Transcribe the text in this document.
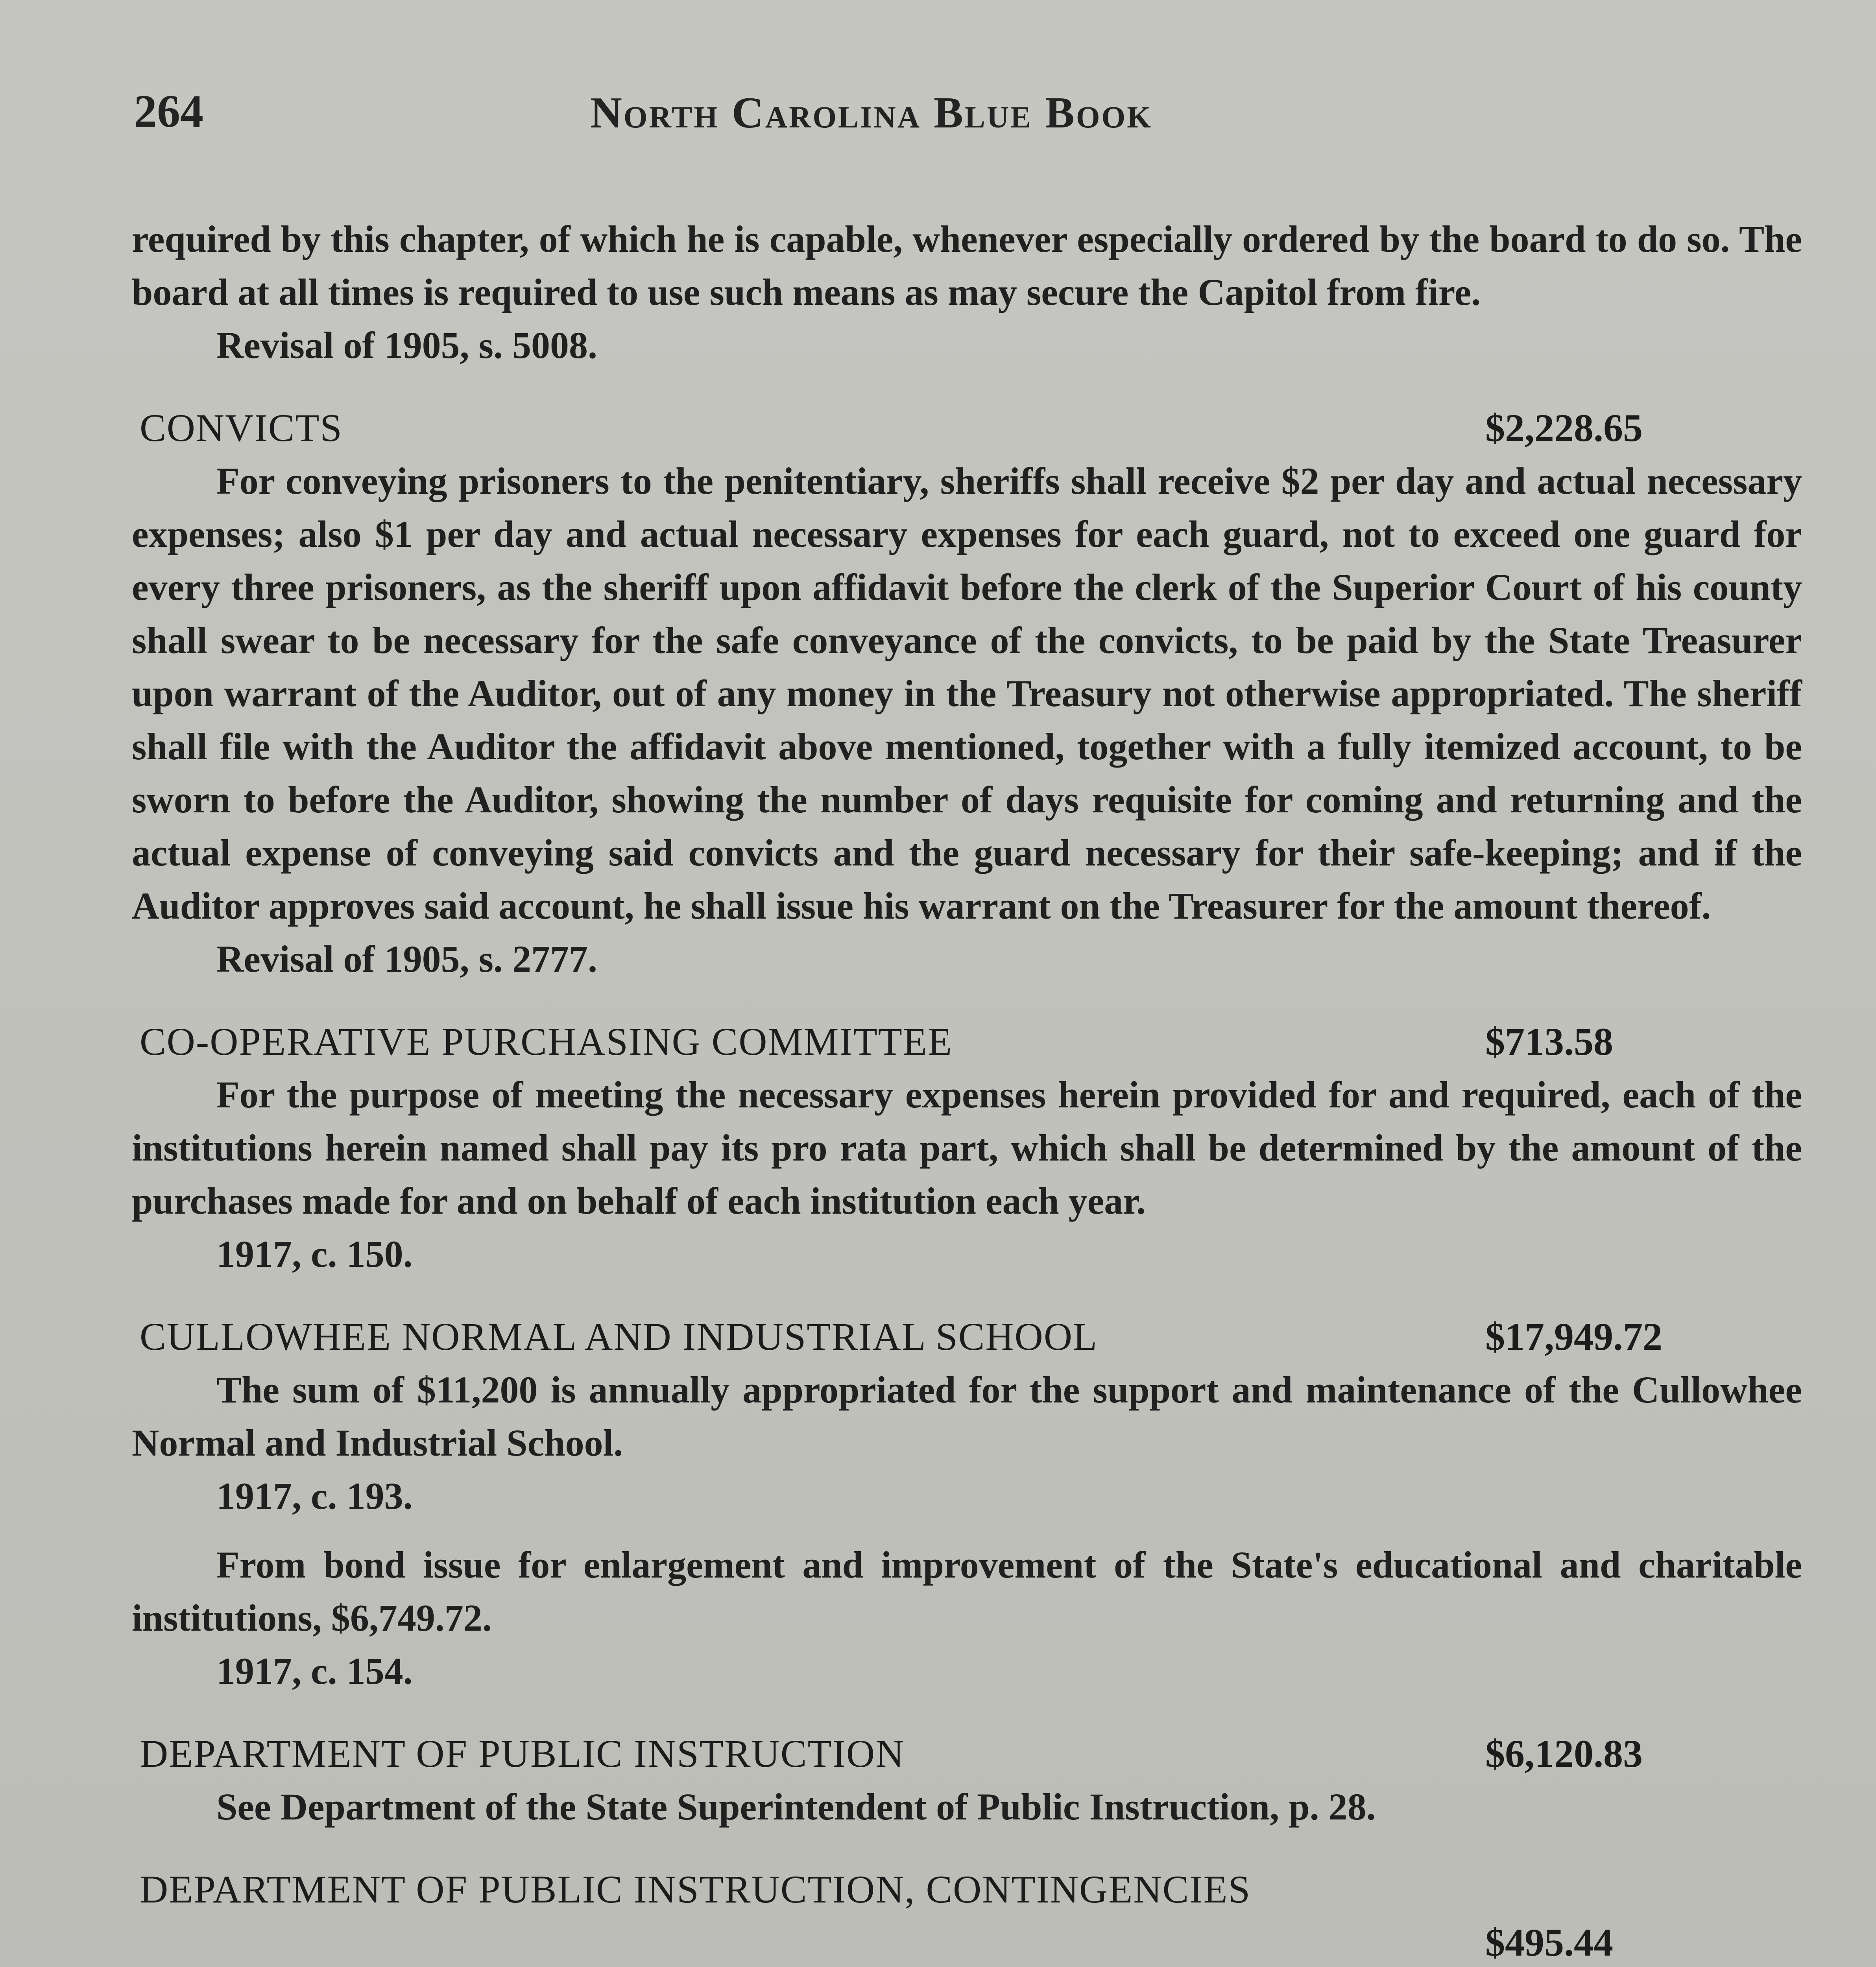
264	North Carolina Blue Book

required by this chapter, of which he is capable, whenever especially ordered by the board to do so. The board at all times is required to use such means as may secure the Capitol from fire.

Revisal of 1905, s. 5008.

CONVICTS	$2,228.65

For conveying prisoners to the penitentiary, sheriffs shall receive $2 per day and actual necessary expenses; also $1 per day and actual necessary expenses for each guard, not to exceed one guard for every three prisoners, as the sheriff upon affidavit before the clerk of the Superior Court of his county shall swear to be necessary for the safe conveyance of the convicts, to be paid by the State Treasurer upon warrant of the Auditor, out of any money in the Treasury not otherwise appropriated. The sheriff shall file with the Auditor the affidavit above mentioned, together with a fully itemized account, to be sworn to before the Auditor, showing the number of days requisite for coming and returning and the actual expense of conveying said convicts and the guard necessary for their safe-keeping; and if the Auditor approves said account, he shall issue his warrant on the Treasurer for the amount thereof.

Revisal of 1905, s. 2777.

CO-OPERATIVE PURCHASING COMMITTEE	$713.58

For the purpose of meeting the necessary expenses herein provided for and required, each of the institutions herein named shall pay its pro rata part, which shall be determined by the amount of the purchases made for and on behalf of each institution each year.

1917, c. 150.

CULLOWHEE NORMAL AND INDUSTRIAL SCHOOL	$17,949.72

The sum of $11,200 is annually appropriated for the support and maintenance of the Cullowhee Normal and Industrial School.

1917, c. 193.

From bond issue for enlargement and improvement of the State's educational and charitable institutions, $6,749.72.

1917, c. 154.

DEPARTMENT OF PUBLIC INSTRUCTION	$6,120.83

See Department of the State Superintendent of Public Instruction, p. 28.

DEPARTMENT OF PUBLIC INSTRUCTION, CONTINGENCIES
$495.44
